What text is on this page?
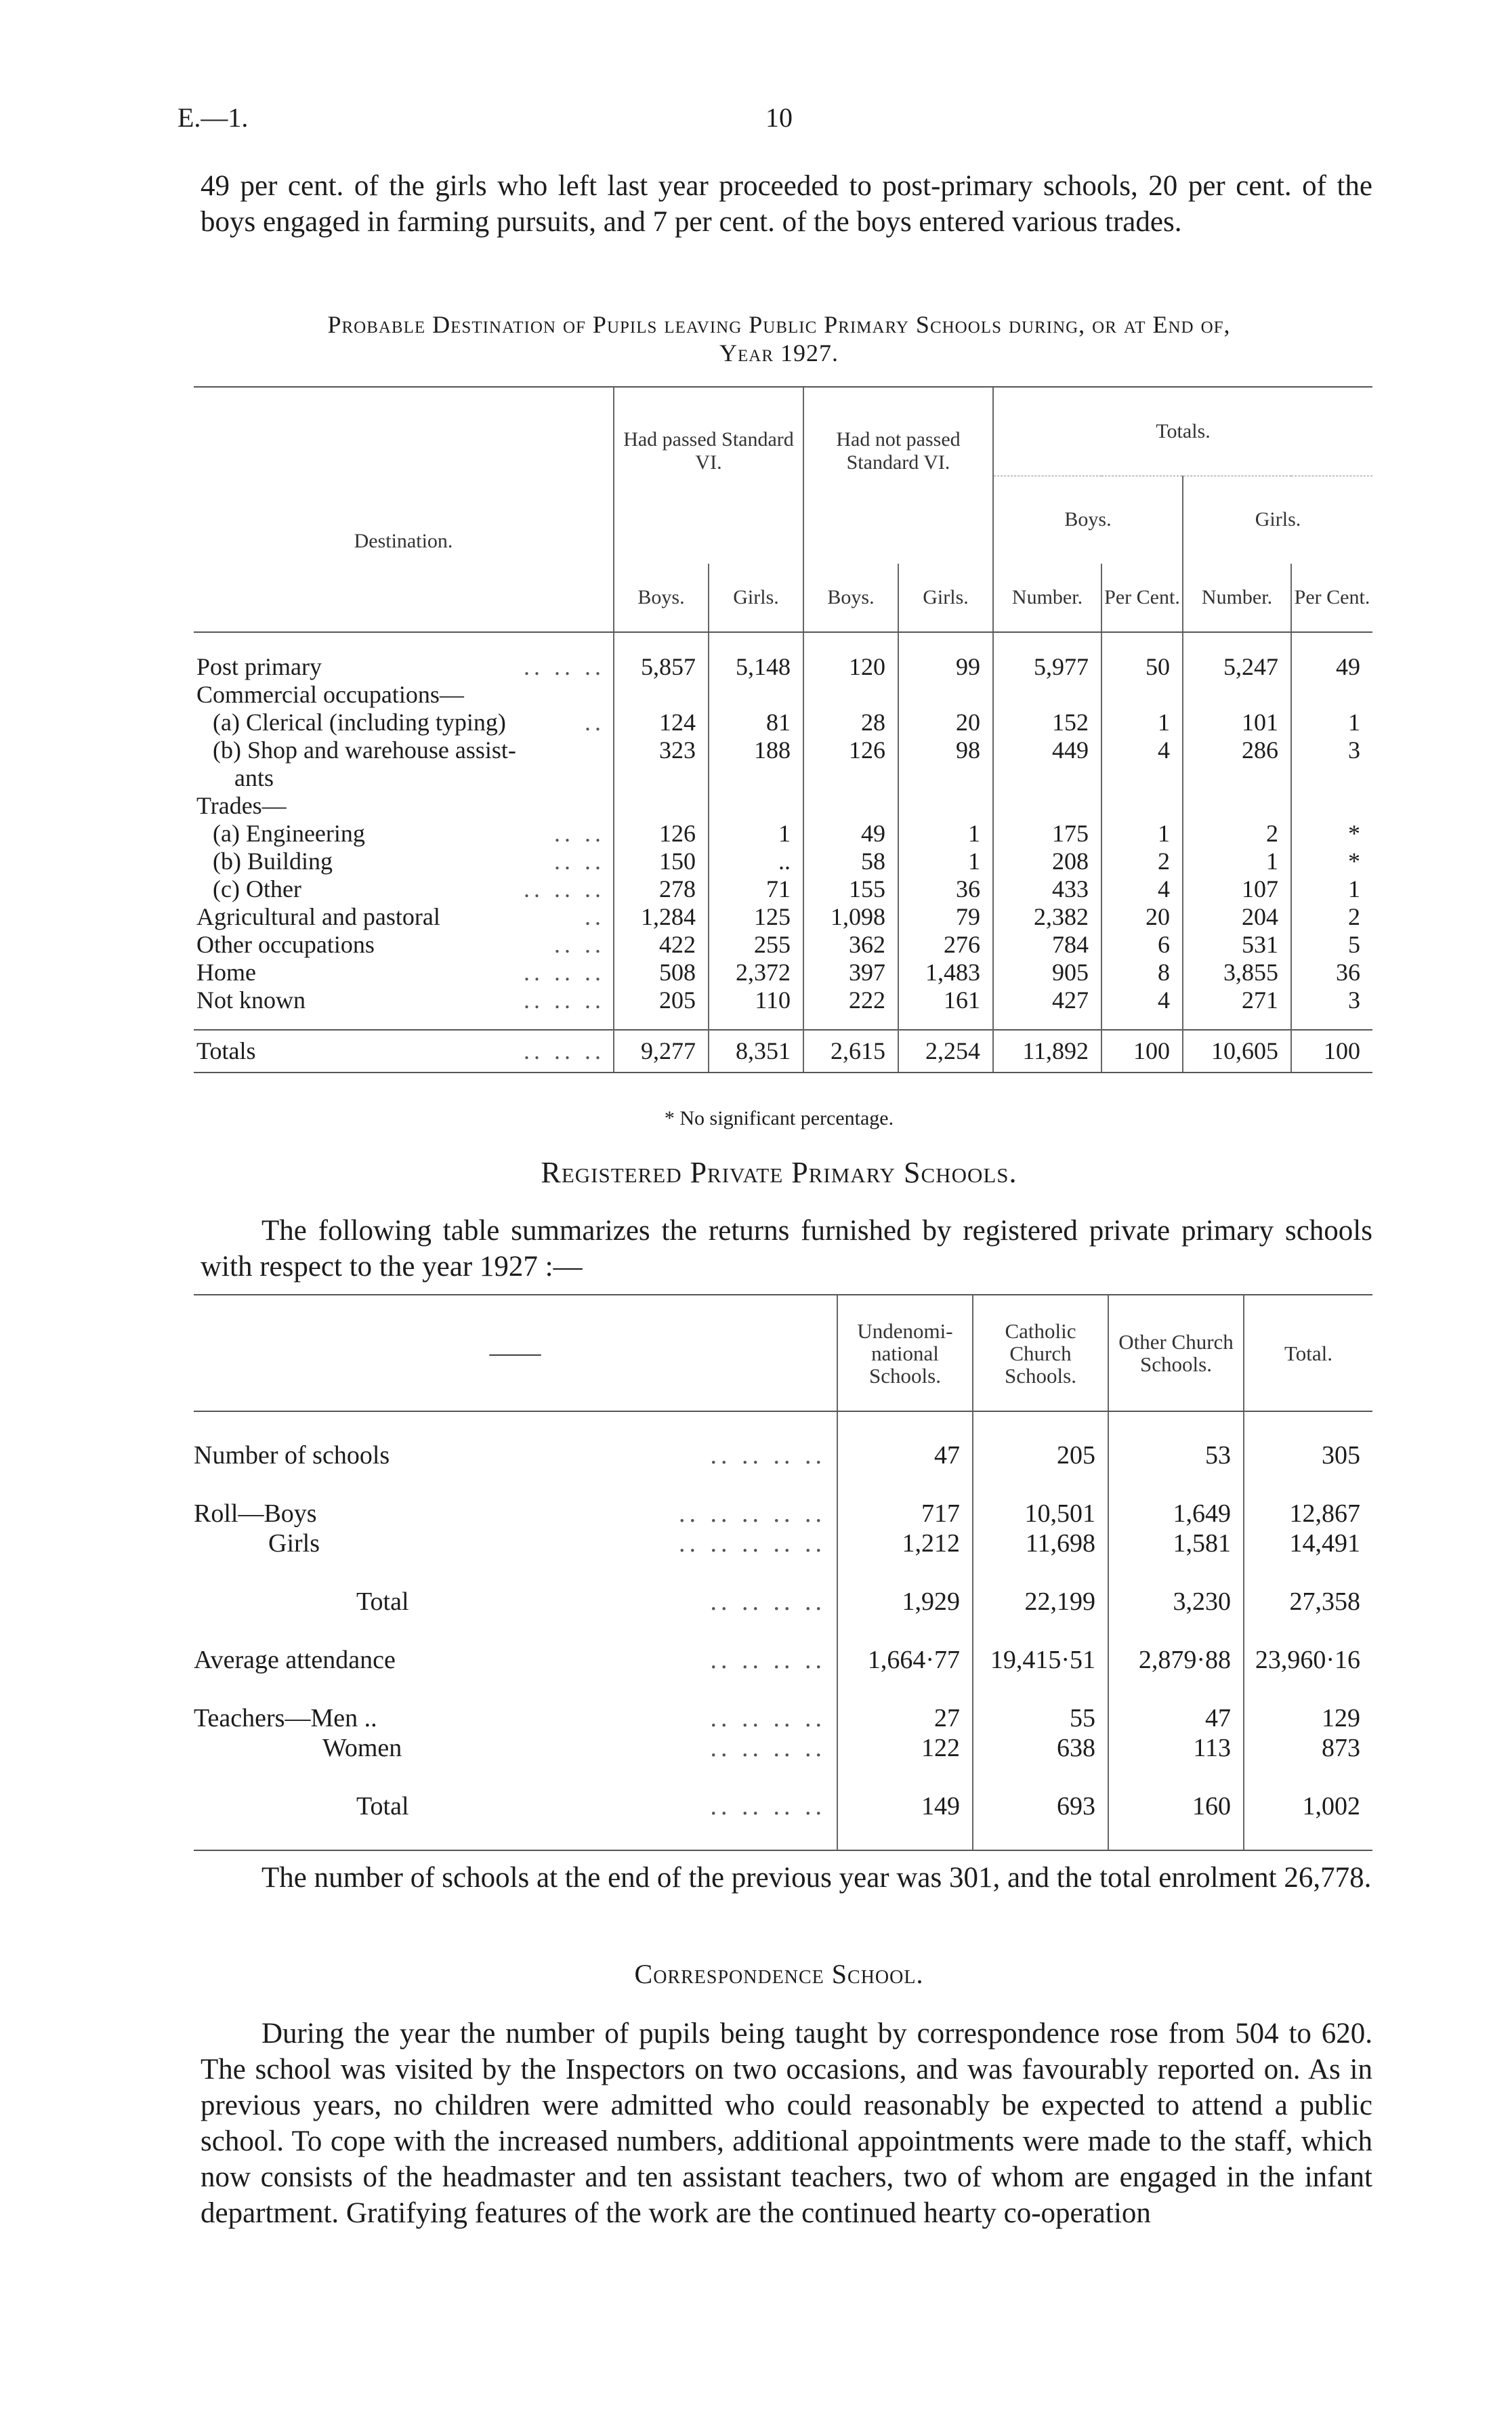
E.—1.	10

49 per cent. of the girls who left last year proceeded to post-primary schools, 20 per cent. of the boys engaged in farming pursuits, and 7 per cent. of the boys entered various trades.

Probable Destination of Pupils leaving Public Primary Schools during, or at End of,
Year 1927.
Destination.	Had passed Standard VI.		Had not passed Standard VI.		Totals.			
					Boys.		Girls.	
	Boys.	Girls.	Boys.	Girls.	Number.	Per Cent.	Number.	Per Cent.

Post primary .. .. ..	5,857	5,148	120	99	5,977	50	5,247	49
Commercial occupations—

(a) Clerical (including typing) ..	124	81	28	20	152	1	101	1
(b) Shop and warehouse assist-	323	188	126	98	449	4	286	3
ants

Trades—

(a) Engineering .. ..	126	1	49	1	175	1	2	*
(b) Building .. ..	150	..	58	1	208	2	1	*
(c) Other .. .. ..	278	71	155	36	433	4	107	1
Agricultural and pastoral ..	1,284	125	1,098	79	2,382	20	204	2
Other occupations .. ..	422	255	362	276	784	6	531	5
Home .. .. ..	508	2,372	397	1,483	905	8	3,855	36
Not known .. .. ..	205	110	222	161	427	4	271	3

Totals .. .. ..	9,277	8,351	2,615	2,254	11,892	100	10,605	100
* No significant percentage.
Registered Private Primary Schools.

The following table summarizes the returns furnished by registered private primary schools with respect to the year 1927 :—

——	Undenomi- national Schools.	Catholic Church Schools.	Other Church Schools.	Total.

Number of schools .. .. .. ..	47	205	53	305

Roll—Boys .. .. .. .. ..	717	10,501	1,649	12,867
Girls .. .. .. .. ..	1,212	11,698	1,581	14,491

Total .. .. .. ..	1,929	22,199	3,230	27,358

Average attendance .. .. .. ..	1,664·77	19,415·51	2,879·88	23,960·16

Teachers—Men .. .. .. .. ..	27	55	47	129
Women .. .. .. ..	122	638	113	873

Total .. .. .. ..	149	693	160	1,002

The number of schools at the end of the previous year was 301, and the total enrolment 26,778.

Correspondence School.

During the year the number of pupils being taught by correspondence rose from 504 to 620. The school was visited by the Inspectors on two occasions, and was favourably reported on. As in previous years, no children were admitted who could reasonably be expected to attend a public school. To cope with the increased numbers, additional appointments were made to the staff, which now consists of the headmaster and ten assistant teachers, two of whom are engaged in the infant department. Gratifying features of the work are the continued hearty co-operation
